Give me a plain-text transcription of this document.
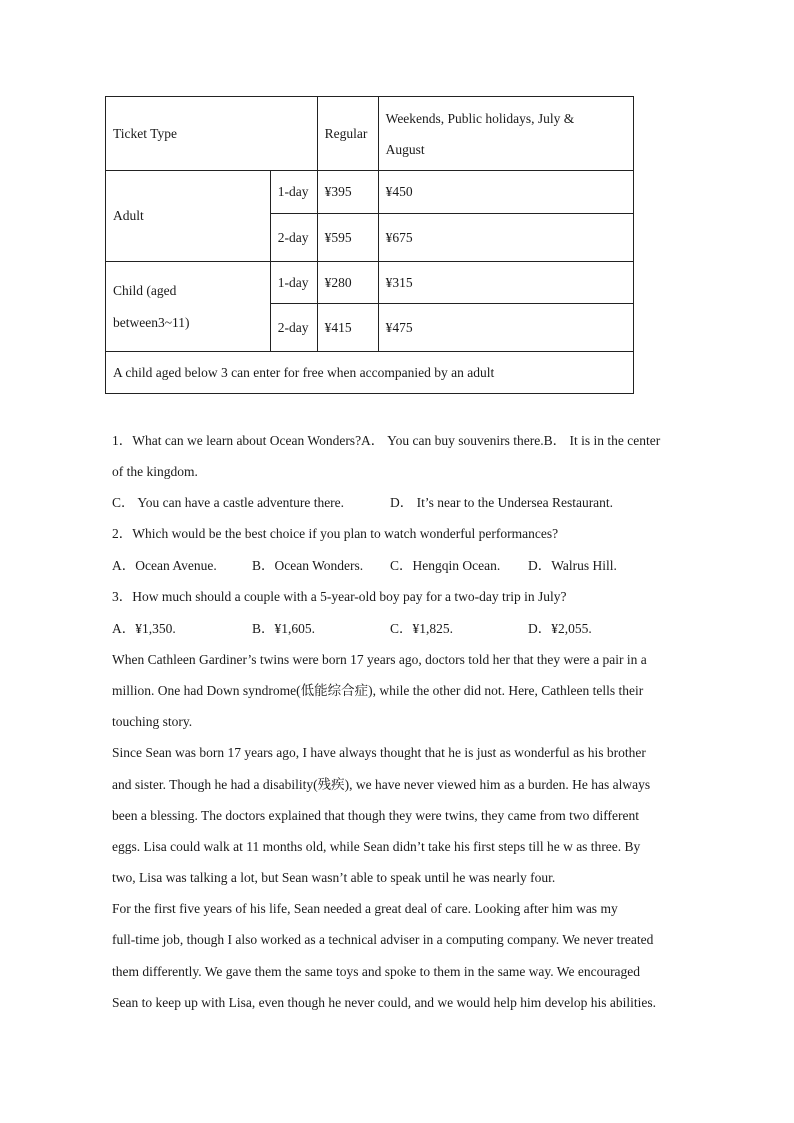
Ticket Type		Regular	Weekends, Public holidays, July &
August
Adult	1-day	¥395	¥450
	2-day	¥595	¥675
Child (aged
between3~11)	1-day	¥280	¥315
	2-day	¥415	¥475
A child aged below 3 can enter for free when accompanied by an adult			
1．What can we learn about Ocean Wonders?A． You can buy souvenirs there.B． It is in the center
of the kingdom.
C． You can have a castle adventure there.	D． It’s near to the Undersea Restaurant.
2．Which would be the best choice if you plan to watch wonderful performances?
A．Ocean Avenue.	B．Ocean Wonders. C．Hengqin Ocean. D．Walrus Hill.
3．How much should a couple with a 5-year-old boy pay for a two-day trip in July?
A．¥1,350.	B．¥1,605.	C．¥1,825.	D．¥2,055.
When Cathleen Gardiner’s twins were born 17 years ago, doctors told her that they were a pair in a
million. One had Down syndrome(低能综合症), while the other did not. Here, Cathleen tells their
touching story.
Since Sean was born 17 years ago, I have always thought that he is just as wonderful as his brother
and sister. Though he had a disability(残疾), we have never viewed him as a burden. He has always
been a blessing. The doctors explained that though they were twins, they came from two different
eggs. Lisa could walk at 11 months old, while Sean didn’t take his first steps till he w as three. By
two, Lisa was talking a lot, but Sean wasn’t able to speak until he was nearly four.
For the first five years of his life, Sean needed a great deal of care. Looking after him was my
full-time job, though I also worked as a technical adviser in a computing company. We never treated
them differently. We gave them the same toys and spoke to them in the same way. We encouraged
Sean to keep up with Lisa, even though he never could, and we would help him develop his abilities.
